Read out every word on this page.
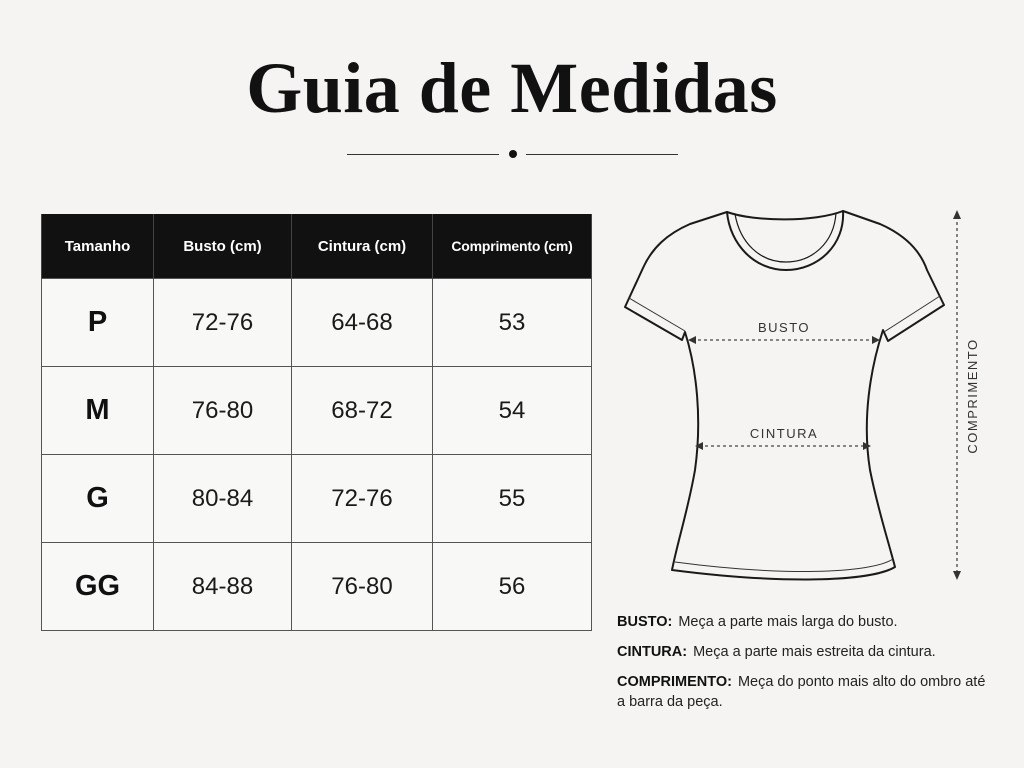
Guia de Medidas
Tamanho	Busto (cm)	Cintura (cm)	Comprimento (cm)
P	72-76	64-68	53
M	76-80	68-72	54
G	80-84	72-76	55
GG	84-88	76-80	56
BUSTO
CINTURA	COMPRIMENTO

BUSTO: Meça a parte mais larga do busto.

CINTURA: Meça a parte mais estreita da cintura.

COMPRIMENTO: Meça do ponto mais alto do ombro até a barra da peça.
